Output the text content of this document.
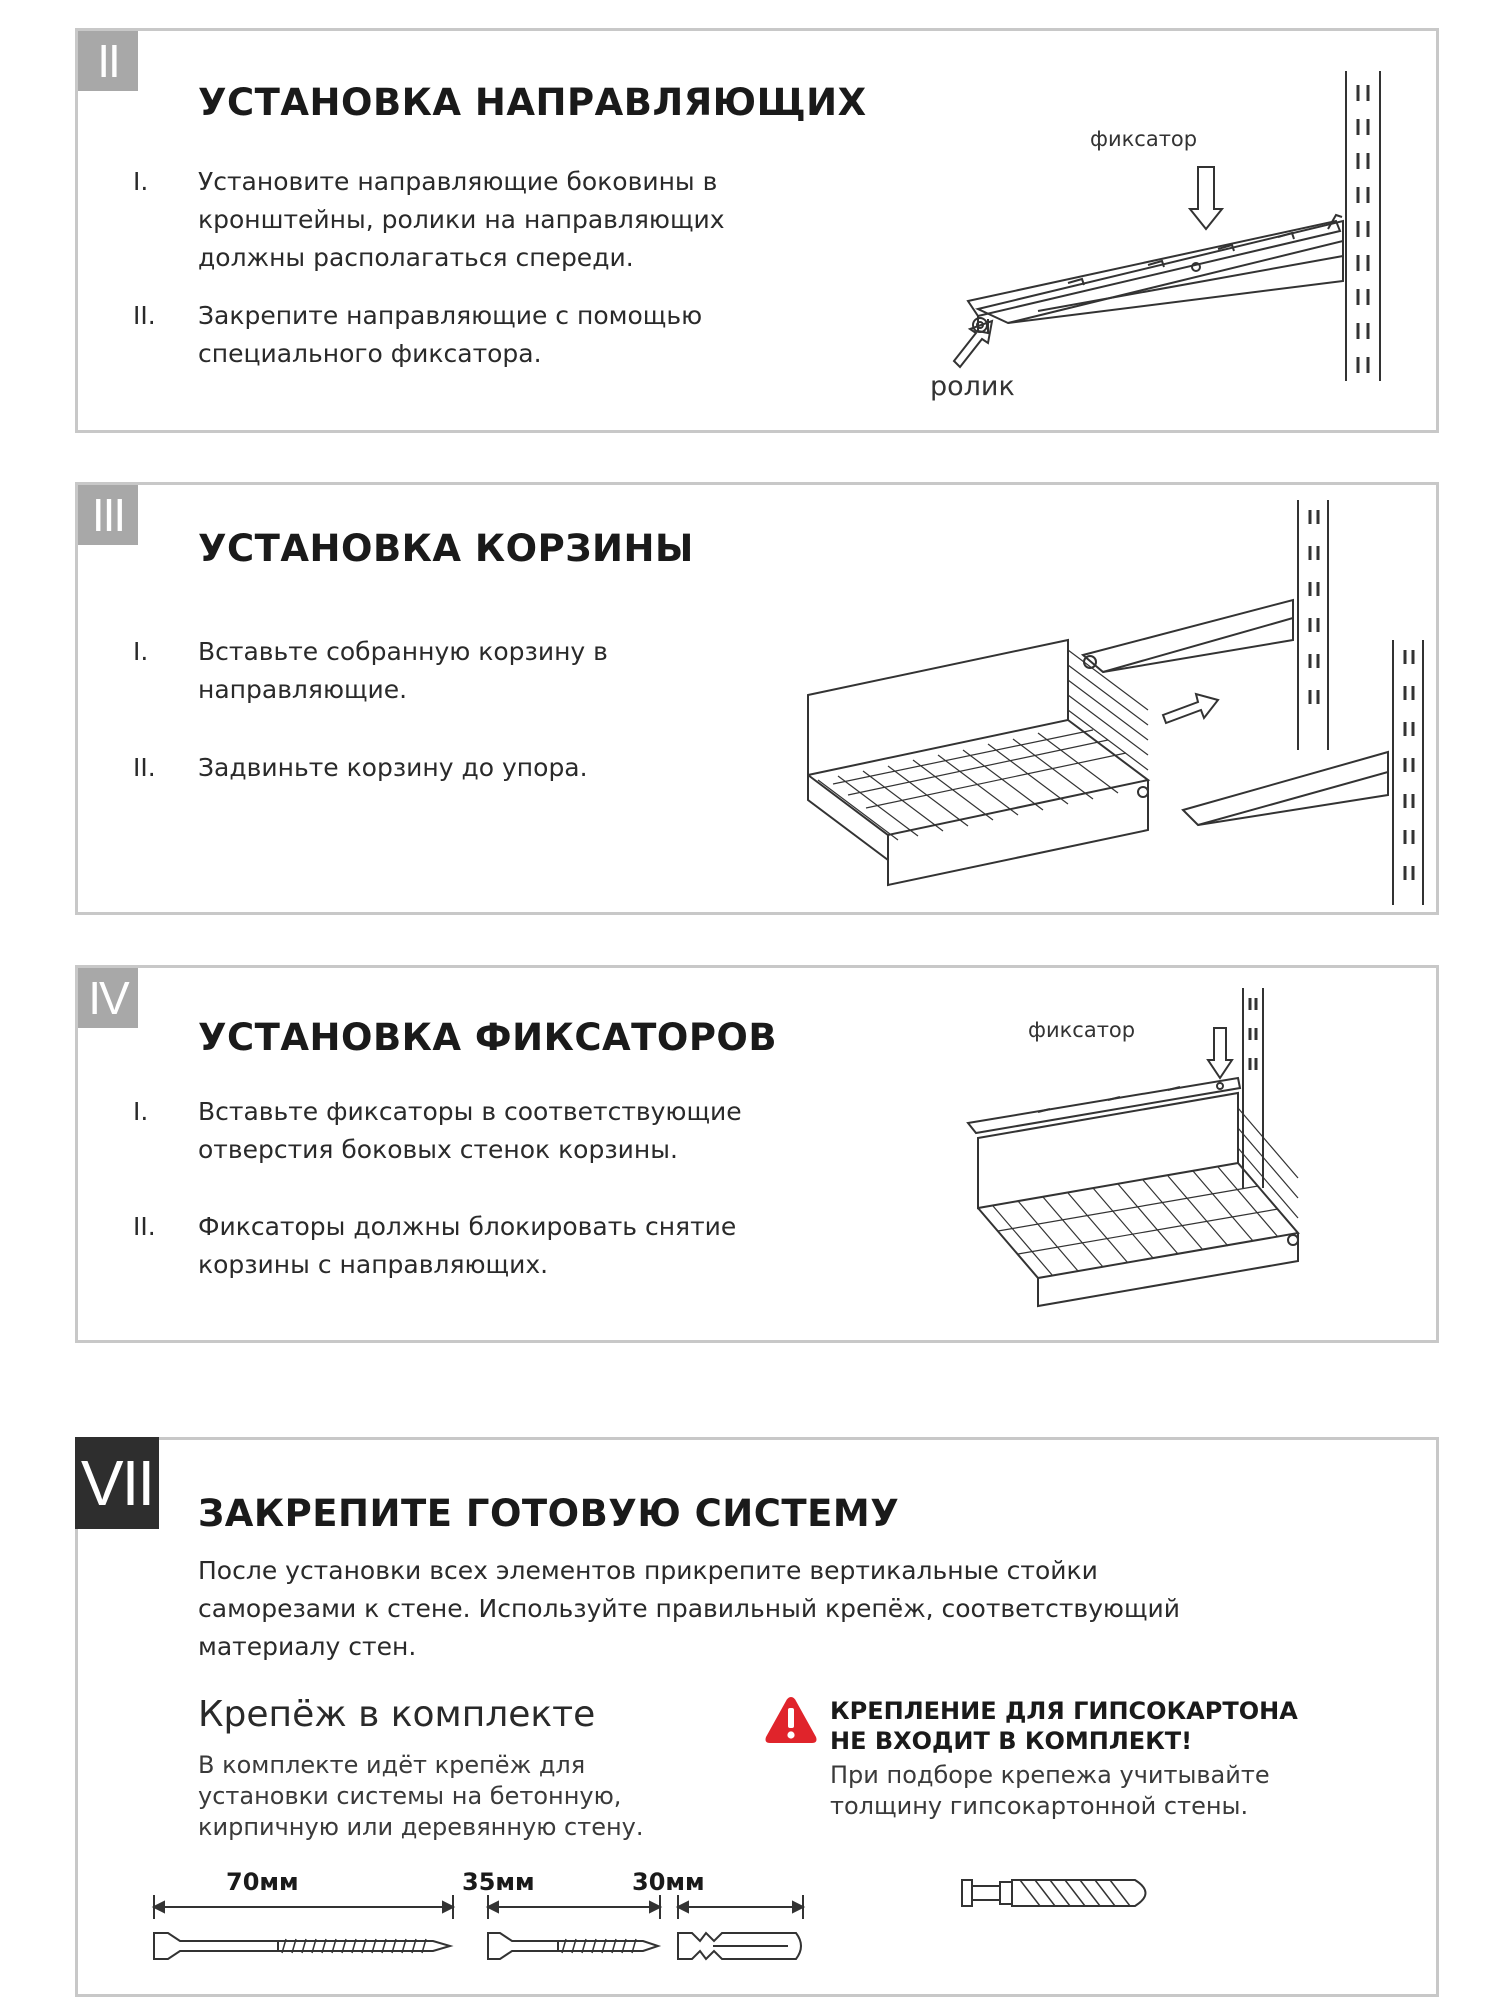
II
УСТАНОВКА НАПРАВЛЯЮЩИХ
I. Установите направляющие боковины в
кронштейны, ролики на направляющих
должны располагаться спереди.
II. Закрепите направляющие с помощью
специального фиксатора.
фиксатор
ролик
III
УСТАНОВКА КОРЗИНЫ
I. Вставьте собранную корзину в
направляющие.
II. Задвиньте корзину до упора.
IV
УСТАНОВКА ФИКСАТОРОВ
I. Вставьте фиксаторы в соответствующие
отверстия боковых стенок корзины.
II. Фиксаторы должны блокировать снятие
корзины с направляющих.
фиксатор
VII ЗАКРЕПИТЕ ГОТОВУЮ СИСТЕМУ
После установки всех элементов прикрепите вертикальные стойки
саморезами к стене. Используйте правильный крепёж, соответствующий
материалу стен.
Крепёж в комплекте
В комплекте идёт крепёж для
установки системы на бетонную,
кирпичную или деревянную стену.
КРЕПЛЕНИЕ ДЛЯ ГИПСОКАРТОНА
НЕ ВХОДИТ В КОМПЛЕКТ!
При подборе крепежа учитывайте
толщину гипсокартонной стены.
70мм	35мм	30мм
